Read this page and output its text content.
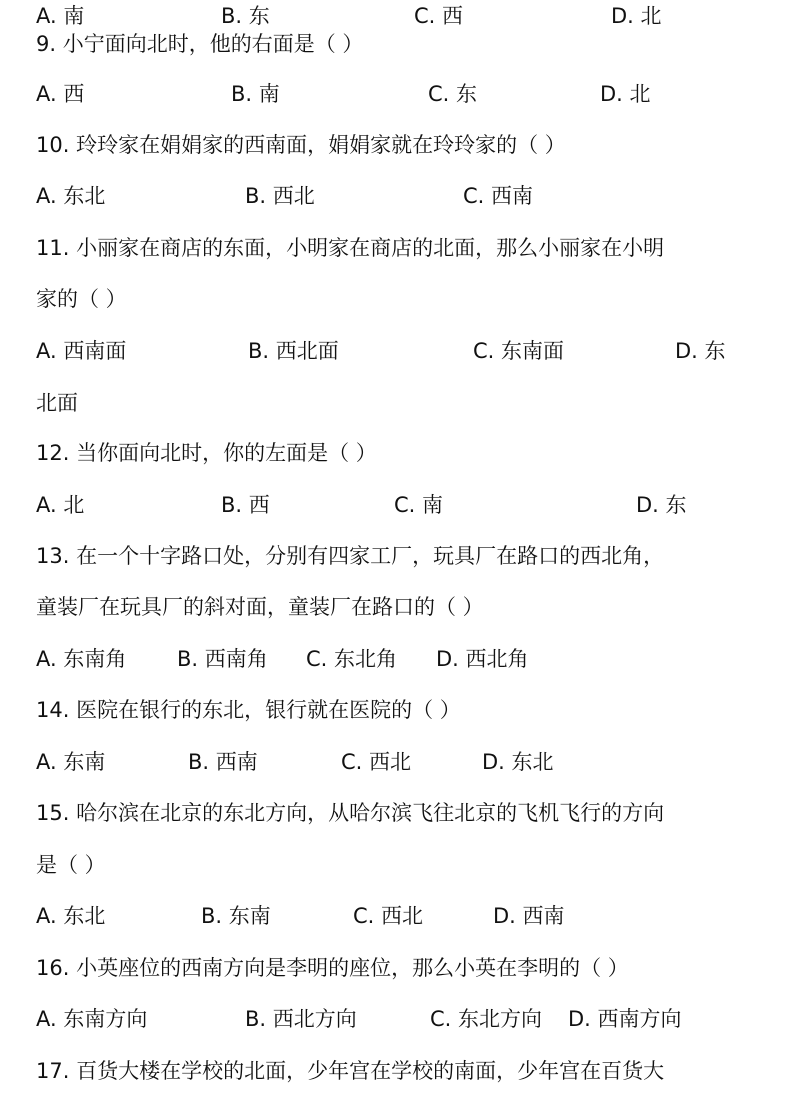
A. 南	B. 东	C. 西	D. 北
9. 小宁面向北时，他的右面是（ ）
A. 西	B. 南	C. 东	D. 北
10. 玲玲家在娟娟家的西南面，娟娟家就在玲玲家的（ ）
A. 东北	B. 西北	C. 西南
11. 小丽家在商店的东面，小明家在商店的北面，那么小丽家在小明
家的（ ）
A. 西南面	B. 西北面	C. 东南面	D. 东
北面
12. 当你面向北时，你的左面是（ ）
A. 北	B. 西	C. 南	D. 东
13. 在一个十字路口处，分别有四家工厂，玩具厂在路口的西北角，
童装厂在玩具厂的斜对面，童装厂在路口的（ ）
A. 东南角 B. 西南角 C. 东北角 D. 西北角
14. 医院在银行的东北，银行就在医院的（ ）
A. 东南	B. 西南	C. 西北	D. 东北
15. 哈尔滨在北京的东北方向，从哈尔滨飞往北京的飞机飞行的方向
是（ ）
A. 东北	B. 东南	C. 西北	D. 西南
16. 小英座位的西南方向是李明的座位，那么小英在李明的（ ）
A. 东南方向	B. 西北方向	C. 东北方向 D. 西南方向
17. 百货大楼在学校的北面，少年宫在学校的南面，少年宫在百货大
